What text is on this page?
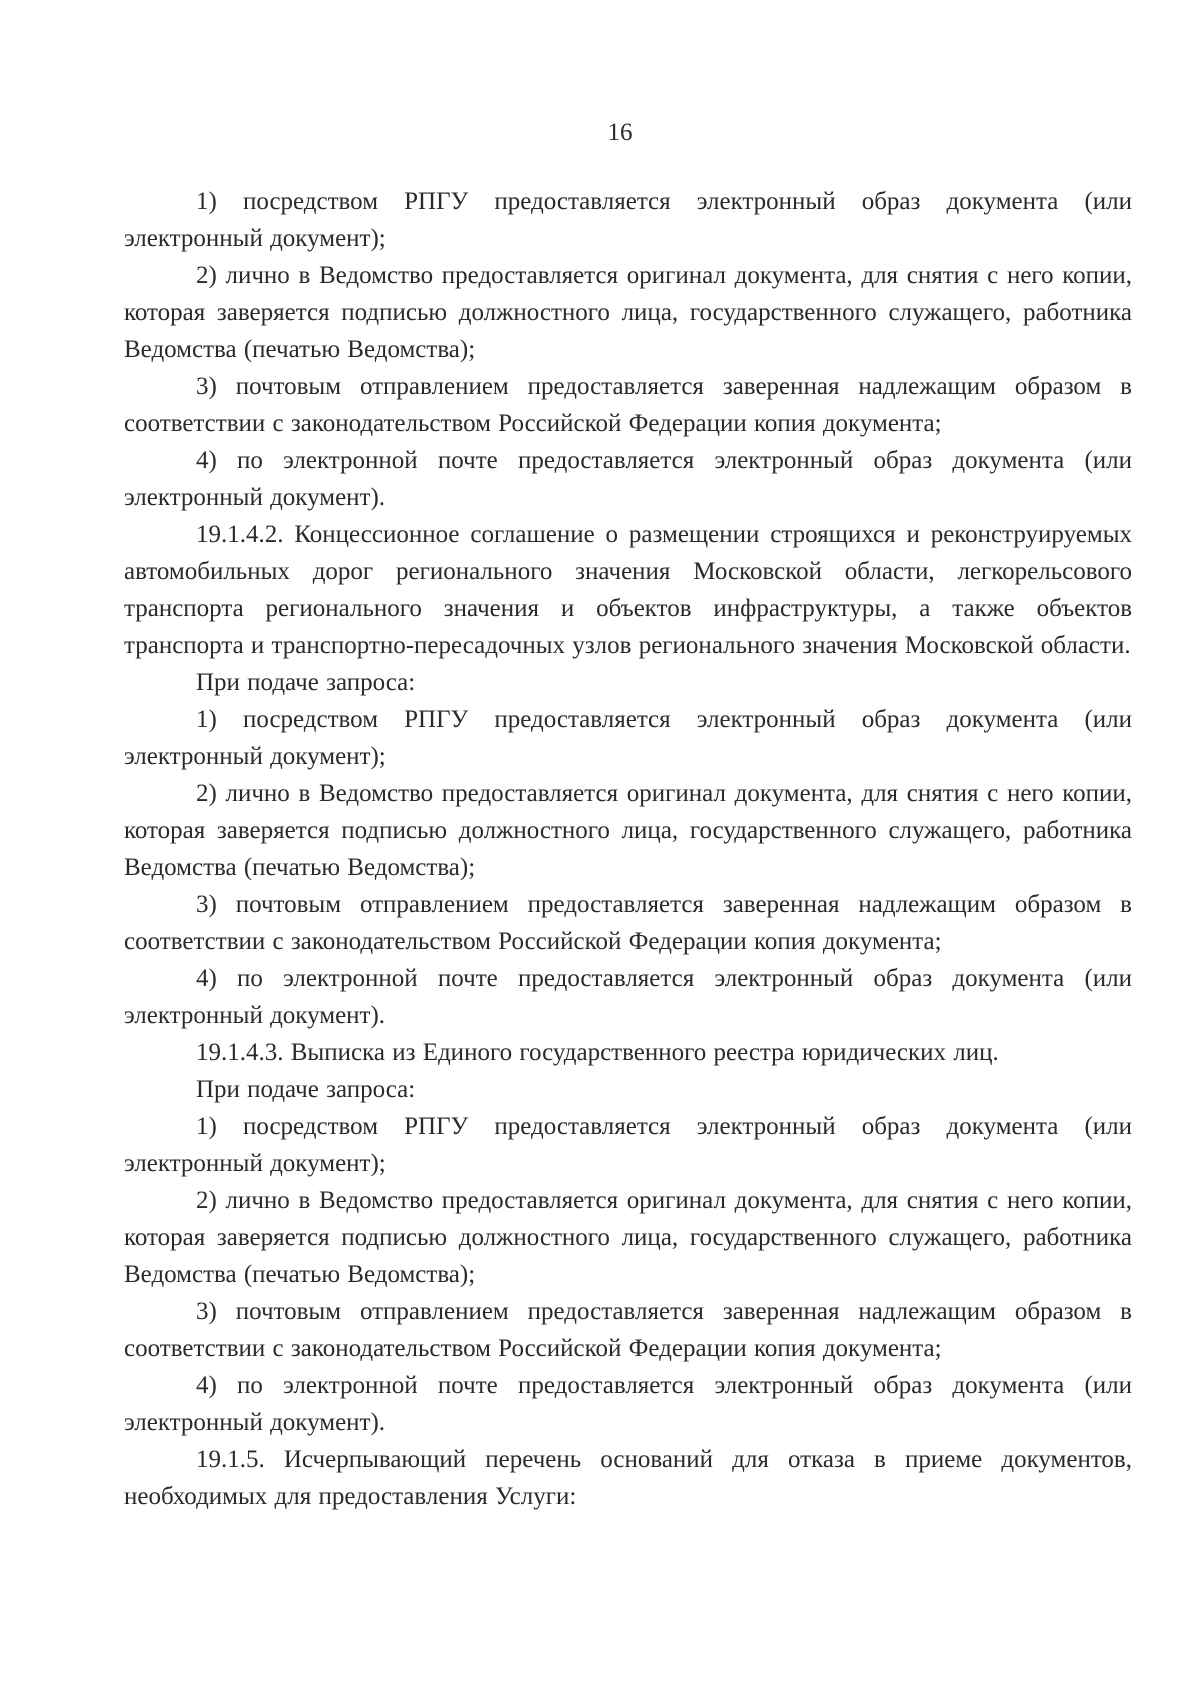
16

1) посредством РПГУ предоставляется электронный образ документа (или электронный документ);

2) лично в Ведомство предоставляется оригинал документа, для снятия с него копии, которая заверяется подписью должностного лица, государственного служащего, работника Ведомства (печатью Ведомства);

3) почтовым отправлением предоставляется заверенная надлежащим образом в соответствии с законодательством Российской Федерации копия документа;

4) по электронной почте предоставляется электронный образ документа (или электронный документ).

19.1.4.2. Концессионное соглашение о размещении строящихся и реконструируемых автомобильных дорог регионального значения Московской области, легкорельсового транспорта регионального значения и объектов инфраструктуры, а также объектов транспорта и транспортно-пересадочных узлов регионального значения Московской области.

При подаче запроса:

1) посредством РПГУ предоставляется электронный образ документа (или электронный документ);

2) лично в Ведомство предоставляется оригинал документа, для снятия с него копии, которая заверяется подписью должностного лица, государственного служащего, работника Ведомства (печатью Ведомства);

3) почтовым отправлением предоставляется заверенная надлежащим образом в соответствии с законодательством Российской Федерации копия документа;

4) по электронной почте предоставляется электронный образ документа (или электронный документ).

19.1.4.3. Выписка из Единого государственного реестра юридических лиц.

При подаче запроса:

1) посредством РПГУ предоставляется электронный образ документа (или электронный документ);

2) лично в Ведомство предоставляется оригинал документа, для снятия с него копии, которая заверяется подписью должностного лица, государственного служащего, работника Ведомства (печатью Ведомства);

3) почтовым отправлением предоставляется заверенная надлежащим образом в соответствии с законодательством Российской Федерации копия документа;

4) по электронной почте предоставляется электронный образ документа (или электронный документ).

19.1.5. Исчерпывающий перечень оснований для отказа в приеме документов, необходимых для предоставления Услуги:
